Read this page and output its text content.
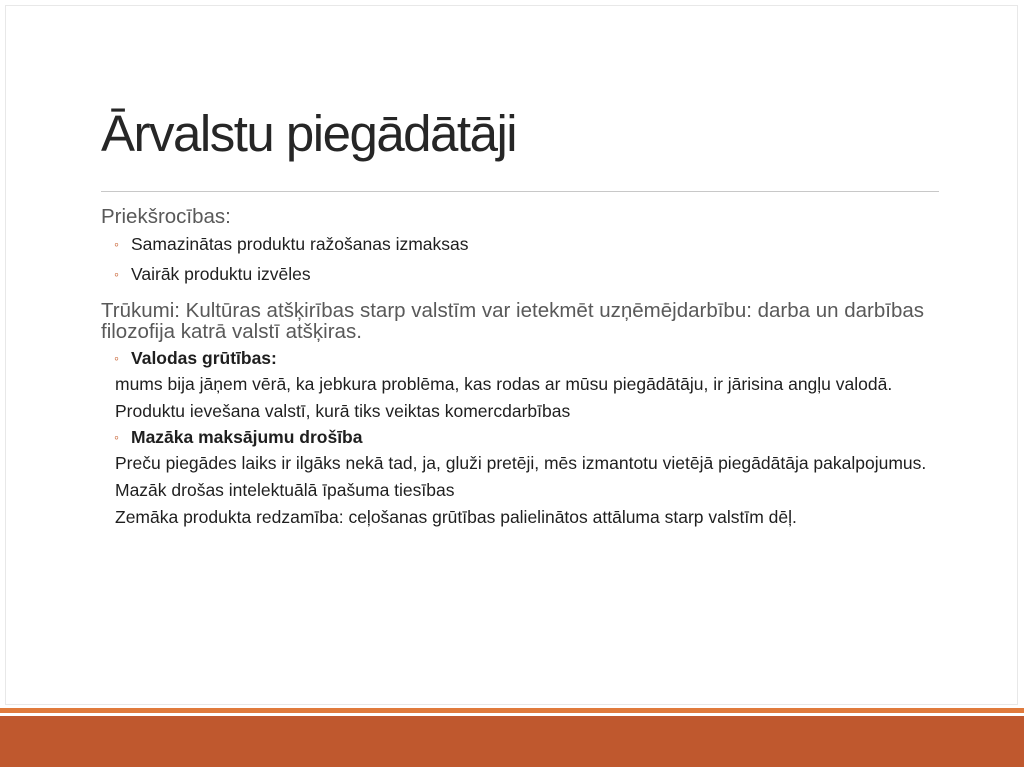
Ārvalstu piegādātāji
Priekšrocības:
◦ Samazinātas produktu ražošanas izmaksas
◦ Vairāk produktu izvēles
Trūkumi: Kultūras atšķirības starp valstīm var ietekmēt uzņēmējdarbību: darba un darbības filozofija katrā valstī atšķiras.
◦ Valodas grūtības:
mums bija jāņem vērā, ka jebkura problēma, kas rodas ar mūsu piegādātāju, ir jārisina angļu valodā.
Produktu ievešana valstī, kurā tiks veiktas komercdarbības
◦ Mazāka maksājumu drošība
Preču piegādes laiks ir ilgāks nekā tad, ja, gluži pretēji, mēs izmantotu vietējā piegādātāja pakalpojumus.
Mazāk drošas intelektuālā īpašuma tiesības
Zemāka produkta redzamība: ceļošanas grūtības palielinātos attāluma starp valstīm dēļ.
